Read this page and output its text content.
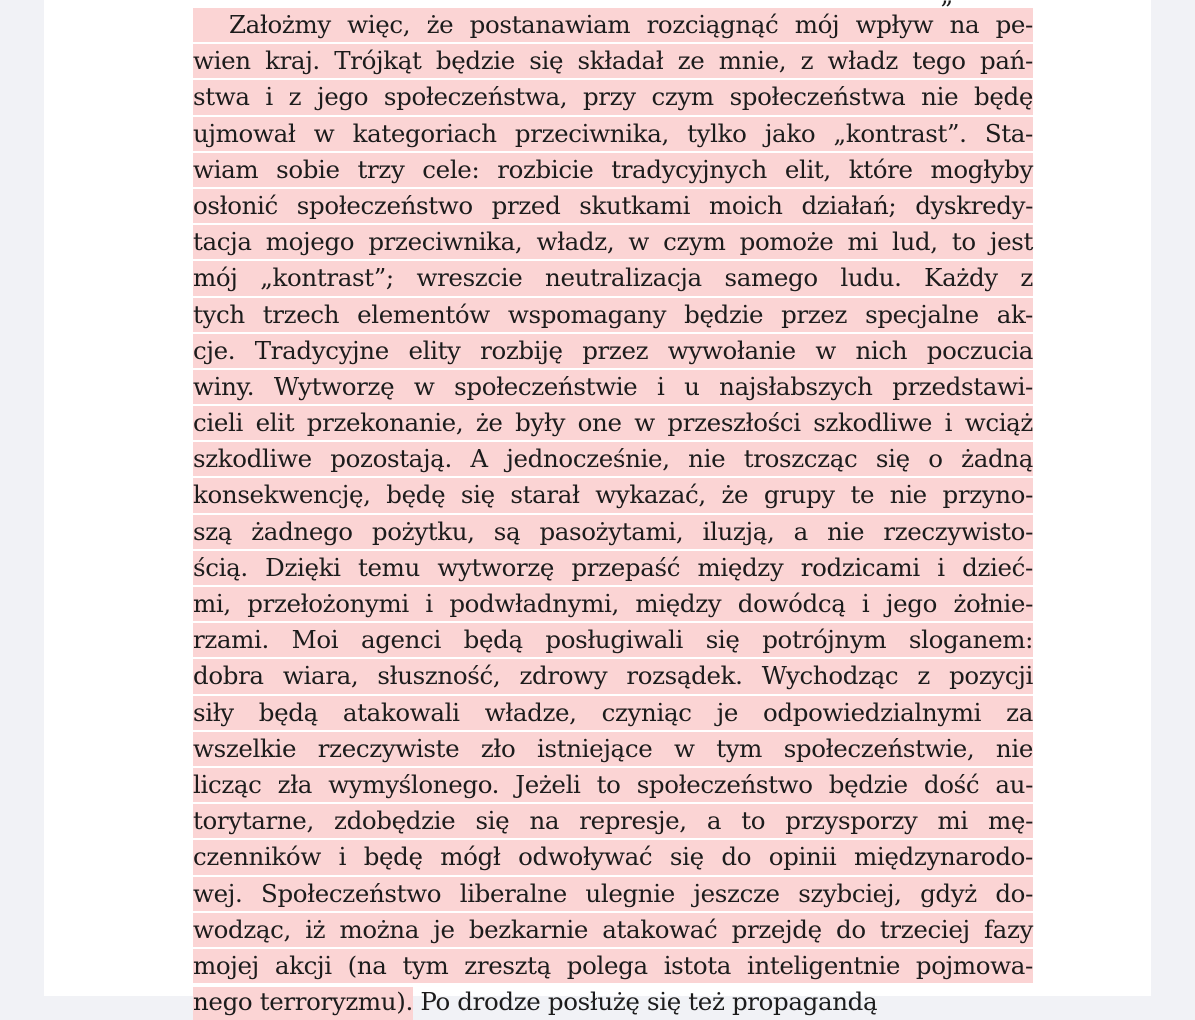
Założmy więc, że postanawiam rozciągnąć mój wpływ na pe-
wien kraj. Trójkąt będzie się składał ze mnie, z władz tego pań-
stwa i z jego społeczeństwa, przy czym społeczeństwa nie będę
ujmował w kategoriach przeciwnika, tylko jako „kontrast”. Sta-
wiam sobie trzy cele: rozbicie tradycyjnych elit, które mogłyby
osłonić społeczeństwo przed skutkami moich działań; dyskredy-
tacja mojego przeciwnika, władz, w czym pomoże mi lud, to jest
mój „kontrast”; wreszcie neutralizacja samego ludu. Każdy z
tych trzech elementów wspomagany będzie przez specjalne ak-
cje. Tradycyjne elity rozbiję przez wywołanie w nich poczucia
winy. Wytworzę w społeczeństwie i u najsłabszych przedstawi-
cieli elit przekonanie, że były one w przeszłości szkodliwe i wciąż
szkodliwe pozostają. A jednocześnie, nie troszcząc się o żadną
konsekwencję, będę się starał wykazać, że grupy te nie przyno-
szą żadnego pożytku, są pasożytami, iluzją, a nie rzeczywisto-
ścią. Dzięki temu wytworzę przepaść między rodzicami i dzieć-
mi, przełożonymi i podwładnymi, między dowódcą i jego żołnie-
rzami. Moi agenci będą posługiwali się potrójnym sloganem:
dobra wiara, słuszność, zdrowy rozsądek. Wychodząc z pozycji
siły będą atakowali władze, czyniąc je odpowiedzialnymi za
wszelkie rzeczywiste zło istniejące w tym społeczeństwie, nie
licząc zła wymyślonego. Jeżeli to społeczeństwo będzie dość au-
torytarne, zdobędzie się na represje, a to przysporzy mi mę-
czenników i będę mógł odwoływać się do opinii międzynarodo-
wej. Społeczeństwo liberalne ulegnie jeszcze szybciej, gdyż do-
wodząc, iż można je bezkarnie atakować przejdę do trzeciej fazy
mojej akcji (na tym zresztą polega istota inteligentnie pojmowa-
nego terroryzmu). Po drodze posłużę się też propagandą
